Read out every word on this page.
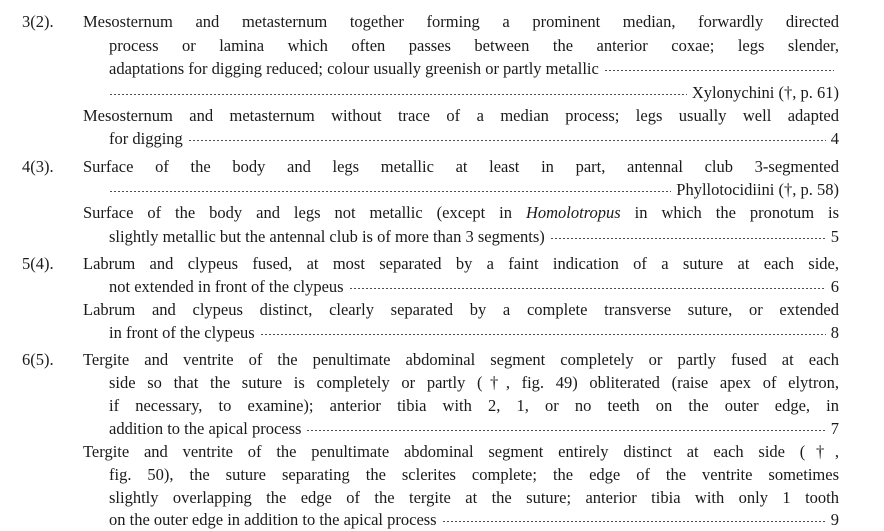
3(2). Mesosternum and metasternum together forming a prominent median, forwardly directed
process or lamina which often passes between the anterior coxae; legs slender,
adaptations for digging reduced; colour usually greenish or partly metallic
Xylonychini (†, p. 61)
Mesosternum and metasternum without trace of a median process; legs usually well adapted
for digging	4
4(3). Surface of the body and legs metallic at least in part, antennal club 3-segmented
Phyllotocidiini (†, p. 58)
Surface of the body and legs not metallic (except in Homolotropus in which the pronotum is
slightly metallic but the antennal club is of more than 3 segments)	5
5(4). Labrum and clypeus fused, at most separated by a faint indication of a suture at each side,
not extended in front of the clypeus	6
Labrum and clypeus distinct, clearly separated by a complete transverse suture, or extended
in front of the clypeus	8
6(5). Tergite and ventrite of the penultimate abdominal segment completely or partly fused at each
side so that the suture is completely or partly (†, fig. 49) obliterated (raise apex of elytron,
if necessary, to examine); anterior tibia with 2, 1, or no teeth on the outer edge, in
addition to the apical process	7
Tergite and ventrite of the penultimate abdominal segment entirely distinct at each side (†,
fig. 50), the suture separating the sclerites complete; the edge of the ventrite sometimes
slightly overlapping the edge of the tergite at the suture; anterior tibia with only 1 tooth
on the outer edge in addition to the apical process	9
